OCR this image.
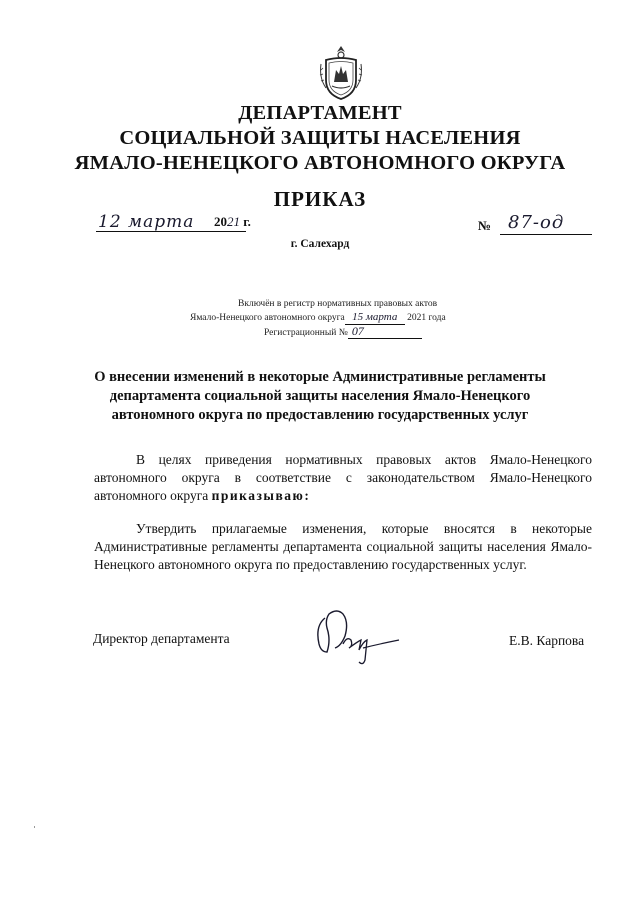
ДЕПАРТАМЕНТ
СОЦИАЛЬНОЙ ЗАЩИТЫ НАСЕЛЕНИЯ
ЯМАЛО-НЕНЕЦКОГО АВТОНОМНОГО ОКРУГА
ПРИКАЗ
12 марта 2021 г.	№ 87-од
г. Салехард
Включён в регистр нормативных правовых актов
Ямало-Ненецкого автономного округа 15 марта 2021 года
Регистрационный № 07
О внесении изменений в некоторые Административные регламенты
департамента социальной защиты населения Ямало-Ненецкого
автономного округа по предоставлению государственных услуг
В целях приведения нормативных правовых актов Ямало-Ненецкого автономного округа в соответствие с законодательством Ямало-Ненецкого автономного округа приказываю:
Утвердить прилагаемые изменения, которые вносятся в некоторые Административные регламенты департамента социальной защиты населения Ямало-Ненецкого автономного округа по предоставлению государственных услуг.
Директор департамента	Е.В. Карпова
